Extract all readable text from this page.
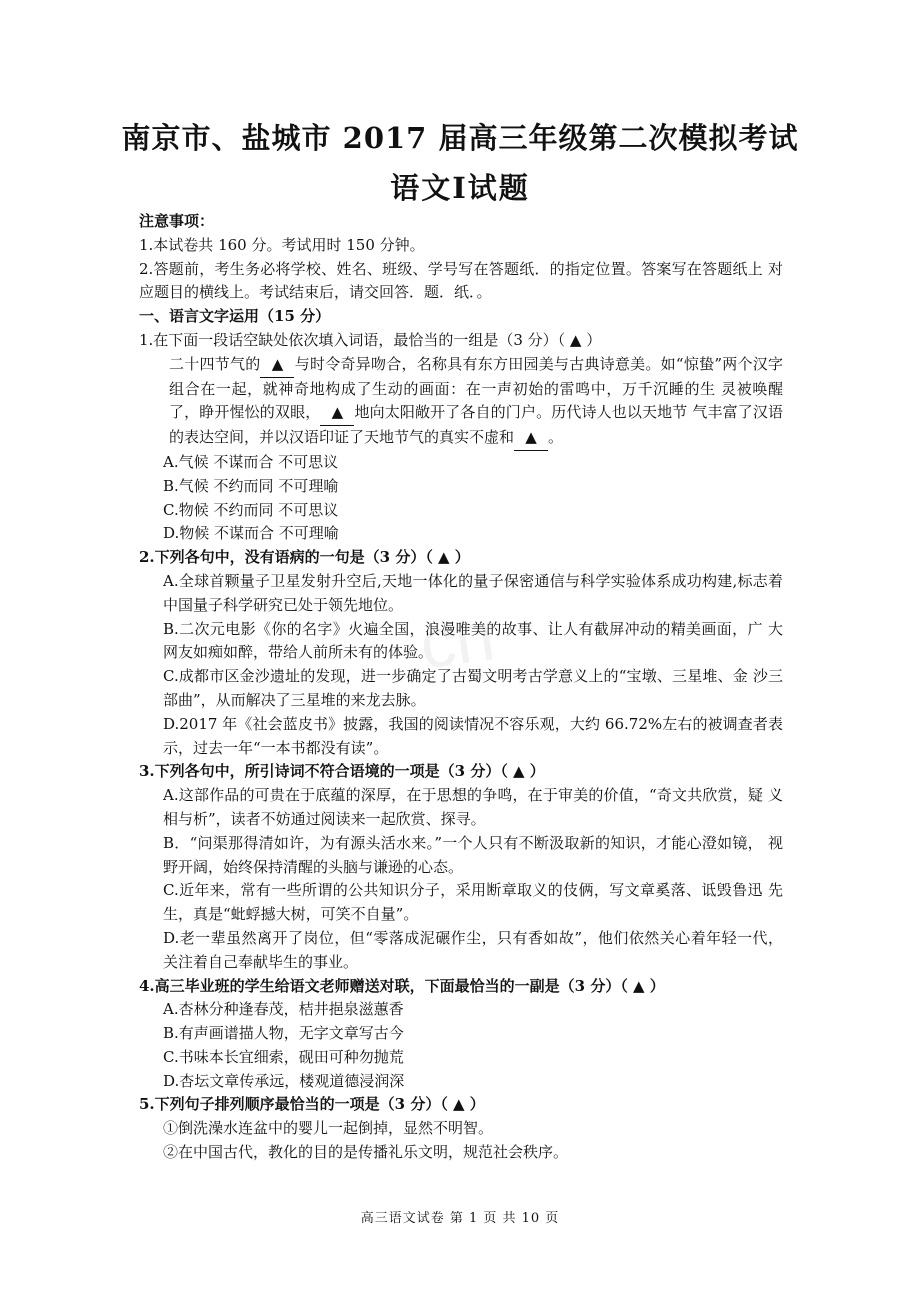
cn
南京市、盐城市 2017 届高三年级第二次模拟考试
语文Ⅰ试题

注意事项：

1.本试卷共 160 分。考试用时 150 分钟。

2.答题前，考生务必将学校、姓名、班级、学号写在答题纸．的指定位置。答案写在答题纸上 对应题目的横线上。考试结束后，请交回答．题．纸．。

一、语言文字运用（15 分）

1.在下面一段话空缺处依次填入词语，最恰当的一组是（3 分）（ ▲ ）

二十四节气的 ▲ 与时令奇异吻合，名称具有东方田园美与古典诗意美。如“惊蛰”两个汉字组合在一起，就神奇地构成了生动的画面：在一声初始的雷鸣中，万千沉睡的生 灵被唤醒了，睁开惺忪的双眼， ▲ 地向太阳敞开了各自的门户。历代诗人也以天地节 气丰富了汉语的表达空间，并以汉语印证了天地节气的真实不虚和 ▲ 。

A.气候 不谋而合 不可思议

B.气候 不约而同 不可理喻

C.物候 不约而同 不可思议

D.物候 不谋而合 不可理喻

2.下列各句中，没有语病的一句是（3 分）（ ▲ ）

A.全球首颗量子卫星发射升空后,天地一体化的量子保密通信与科学实验体系成功构建,标志着中国量子科学研究已处于领先地位。

B.二次元电影《你的名字》火遍全国，浪漫唯美的故事、让人有截屏冲动的精美画面，广 大网友如痴如醉，带给人前所未有的体验。

C.成都市区金沙遗址的发现，进一步确定了古蜀文明考古学意义上的“宝墩、三星堆、金 沙三部曲”，从而解决了三星堆的来龙去脉。

D.2017 年《社会蓝皮书》披露，我国的阅读情况不容乐观，大约 66.72%左右的被调查者表 示，过去一年“一本书都没有读”。

3.下列各句中，所引诗词不符合语境的一项是（3 分）（ ▲ ）

A.这部作品的可贵在于底蕴的深厚，在于思想的争鸣，在于审美的价值，“奇文共欣赏，疑 义相与析”，读者不妨通过阅读来一起欣赏、探寻。

B．“问渠那得清如许，为有源头活水来。”一个人只有不断汲取新的知识，才能心澄如镜， 视野开阔，始终保持清醒的头脑与谦逊的心态。

C.近年来，常有一些所谓的公共知识分子，采用断章取义的伎俩，写文章奚落、诋毁鲁迅 先生，真是“蚍蜉撼大树，可笑不自量”。

D.老一辈虽然离开了岗位，但“零落成泥碾作尘，只有香如故”，他们依然关心着年轻一代， 关注着自己奉献毕生的事业。

4.高三毕业班的学生给语文老师赠送对联，下面最恰当的一副是（3 分）（ ▲ ）

A.杏林分种逢春茂，桔井挹泉滋蕙香

B.有声画谱描人物，无字文章写古今

C.书味本长宜细索，砚田可种勿抛荒

D.杏坛文章传承远，楼观道德浸润深

5.下列句子排列顺序最恰当的一项是（3 分）（ ▲ ）

①倒洗澡水连盆中的婴儿一起倒掉，显然不明智。

②在中国古代，教化的目的是传播礼乐文明，规范社会秩序。

高三语文试卷 第 1 页 共 10 页
